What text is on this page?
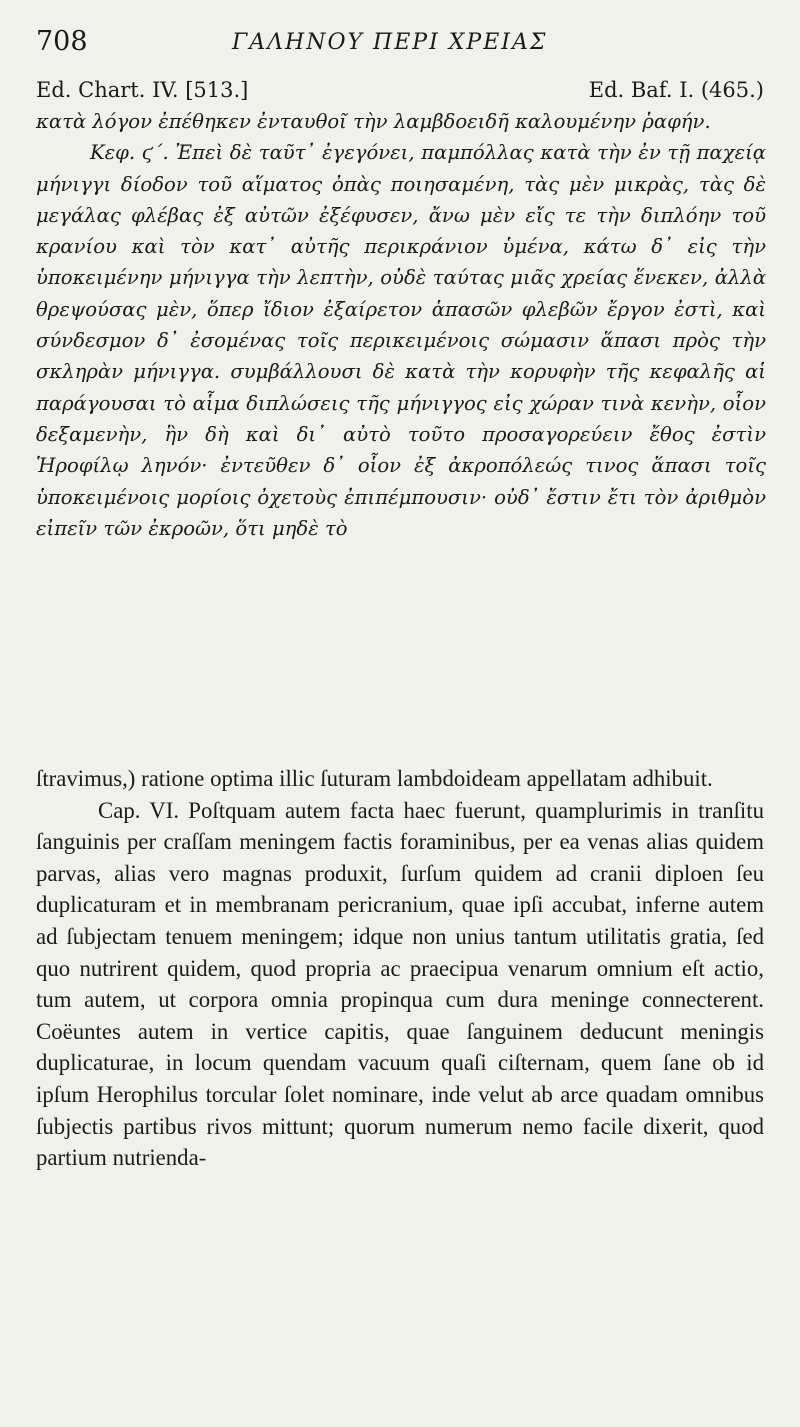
708	ΓΑΛΗΝΟΥ ΠΕΡΙ ΧΡΕΙΑΣ
Ed. Chart. IV. [513.]	Ed. Baf. I. (465.)

κατὰ λόγον ἐπέθηκεν ἐνταυθοῖ τὴν λαμβδοειδῆ καλουμένην ῥαφήν.

Κεφ. ϛ΄. Ἐπεὶ δὲ ταῦτ᾽ ἐγεγόνει, παμπόλλας κατὰ τὴν ἐν τῇ παχείᾳ μήνιγγι δίοδον τοῦ αἵματος ὀπὰς ποιησαμένη, τὰς μὲν μικρὰς, τὰς δὲ μεγάλας φλέβας ἐξ αὐτῶν ἐξέφυσεν, ἄνω μὲν εἴς τε τὴν διπλόην τοῦ κρανίου καὶ τὸν κατ᾽ αὐτῆς περικράνιον ὑμένα, κάτω δ᾽ εἰς τὴν ὑποκειμένην μήνιγγα τὴν λεπτὴν, οὐδὲ ταύτας μιᾶς χρείας ἕνεκεν, ἀλλὰ θρεψούσας μὲν, ὅπερ ἴδιον ἐξαίρετον ἁπασῶν φλεβῶν ἔργον ἐστὶ, καὶ σύνδεσμον δ᾽ ἐσομένας τοῖς περικειμένοις σώμασιν ἅπασι πρὸς τὴν σκληρὰν μήνιγγα. συμβάλλουσι δὲ κατὰ τὴν κορυφὴν τῆς κεφαλῆς αἱ παράγουσαι τὸ αἷμα διπλώσεις τῆς μήνιγγος εἰς χώραν τινὰ κενὴν, οἷον δεξαμενὴν, ἣν δὴ καὶ δι᾽ αὐτὸ τοῦτο προσαγορεύειν ἔθος ἐστὶν Ἡροφίλῳ ληνόν· ἐντεῦθεν δ᾽ οἷον ἐξ ἀκροπόλεώς τινος ἅπασι τοῖς ὑποκειμένοις μορίοις ὀχετοὺς ἐπιπέμπουσιν· οὐδ᾽ ἔστιν ἔτι τὸν ἀριθμὸν εἰπεῖν τῶν ἐκροῶν, ὅτι μηδὲ τὸ

ſtravimus,) ratione optima illic ſuturam lambdoideam appellatam adhibuit.

Cap. VI. Poſtquam autem facta haec fuerunt, quamplurimis in tranſitu ſanguinis per craſſam meningem factis foraminibus, per ea venas alias quidem parvas, alias vero magnas produxit, ſurſum quidem ad cranii diploen ſeu duplicaturam et in membranam pericranium, quae ipſi accubat, inferne autem ad ſubjectam tenuem meningem; idque non unius tantum utilitatis gratia, ſed quo nutrirent quidem, quod propria ac praecipua venarum omnium eſt actio, tum autem, ut corpora omnia propinqua cum dura meninge connecterent. Coëuntes autem in vertice capitis, quae ſanguinem deducunt meningis duplicaturae, in locum quendam vacuum quaſi ciſternam, quem ſane ob id ipſum Herophilus torcular ſolet nominare, inde velut ab arce quadam omnibus ſubjectis partibus rivos mittunt; quorum numerum nemo facile dixerit, quod partium nutrienda-
